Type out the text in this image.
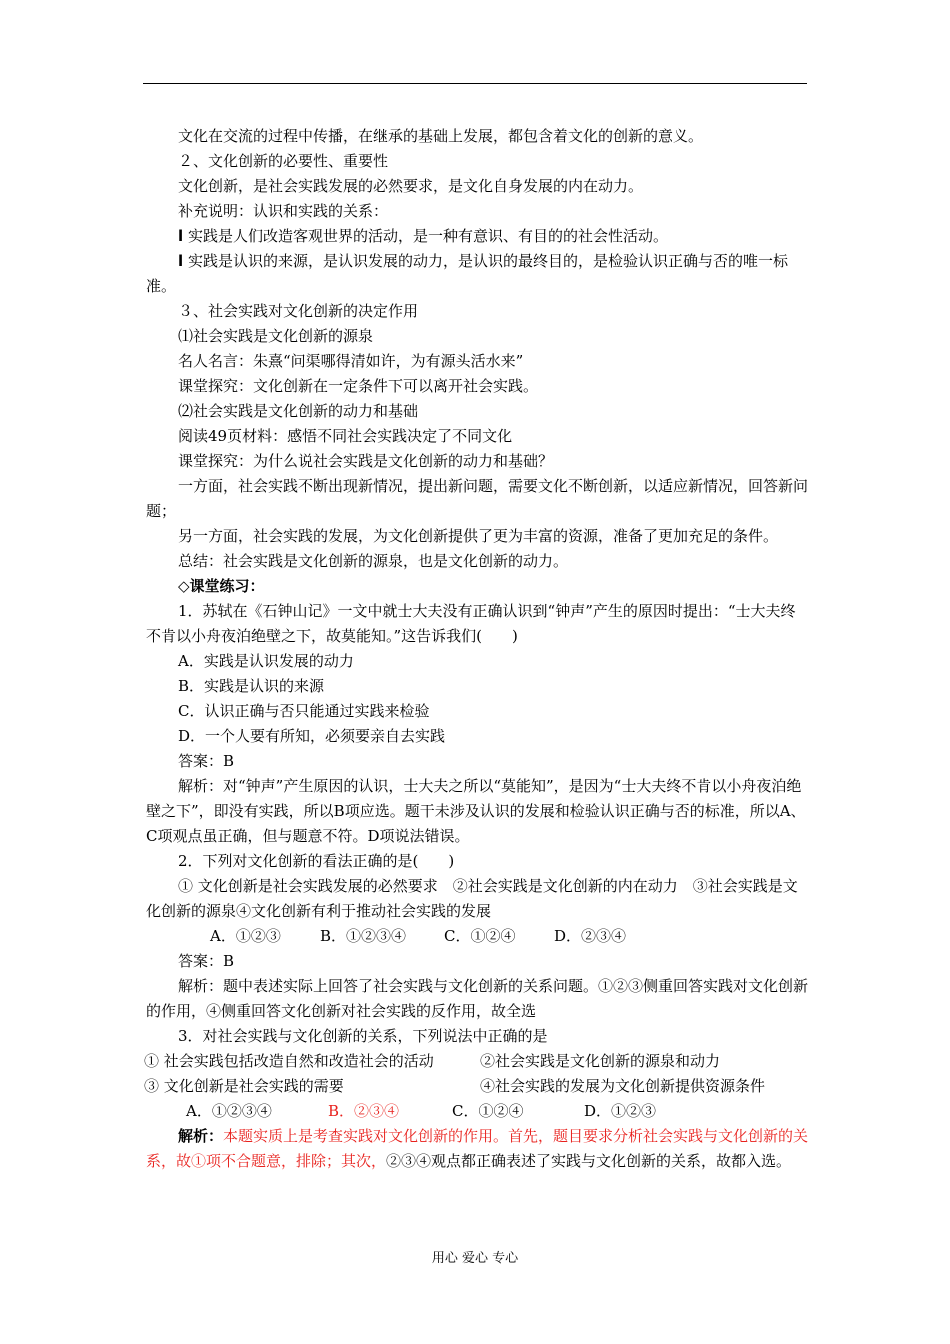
文化在交流的过程中传播，在继承的基础上发展，都包含着文化的创新的意义。

２、文化创新的必要性、重要性

文化创新，是社会实践发展的必然要求，是文化自身发展的内在动力。

补充说明：认识和实践的关系：

l 实践是人们改造客观世界的活动，是一种有意识、有目的的社会性活动。

l 实践是认识的来源，是认识发展的动力，是认识的最终目的，是检验认识正确与否的唯一标准。

３、社会实践对文化创新的决定作用

⑴社会实践是文化创新的源泉

名人名言：朱熹“问渠哪得清如许，为有源头活水来”

课堂探究：文化创新在一定条件下可以离开社会实践。

⑵社会实践是文化创新的动力和基础

阅读49页材料：感悟不同社会实践决定了不同文化

课堂探究：为什么说社会实践是文化创新的动力和基础？

一方面，社会实践不断出现新情况，提出新问题，需要文化不断创新，以适应新情况，回答新问题；

另一方面，社会实践的发展，为文化创新提供了更为丰富的资源，准备了更加充足的条件。

总结：社会实践是文化创新的源泉，也是文化创新的动力。

◇课堂练习：

1．苏轼在《石钟山记》一文中就士大夫没有正确认识到“钟声”产生的原因时提出：“士大夫终不肯以小舟夜泊绝壁之下，故莫能知。”这告诉我们(　　)

A．实践是认识发展的动力

B．实践是认识的来源

C．认识正确与否只能通过实践来检验

D．一个人要有所知，必须要亲自去实践

答案：B

解析：对“钟声”产生原因的认识，士大夫之所以“莫能知”，是因为“士大夫终不肯以小舟夜泊绝壁之下”，即没有实践，所以B项应选。题干未涉及认识的发展和检验认识正确与否的标准，所以A、C项观点虽正确，但与题意不符。D项说法错误。

2．下列对文化创新的看法正确的是(　　)

① 文化创新是社会实践发展的必然要求　②社会实践是文化创新的内在动力　③社会实践是文化创新的源泉④文化创新有利于推动社会实践的发展

A．①②③	B．①②③④	C．①②④	D．②③④

答案：B

解析：题中表述实际上回答了社会实践与文化创新的关系问题。①②③侧重回答实践对文化创新的作用，④侧重回答文化创新对社会实践的反作用，故全选

3．对社会实践与文化创新的关系，下列说法中正确的是

① 社会实践包括改造自然和改造社会的活动	②社会实践是文化创新的源泉和动力

③ 文化创新是社会实践的需要	④社会实践的发展为文化创新提供资源条件

A．①②③④	B．②③④	C．①②④	D．①②③

解析：本题实质上是考查实践对文化创新的作用。首先，题目要求分析社会实践与文化创新的关系，故①项不合题意，排除；其次，②③④观点都正确表述了实践与文化创新的关系，故都入选。

用心 爱心 专心
